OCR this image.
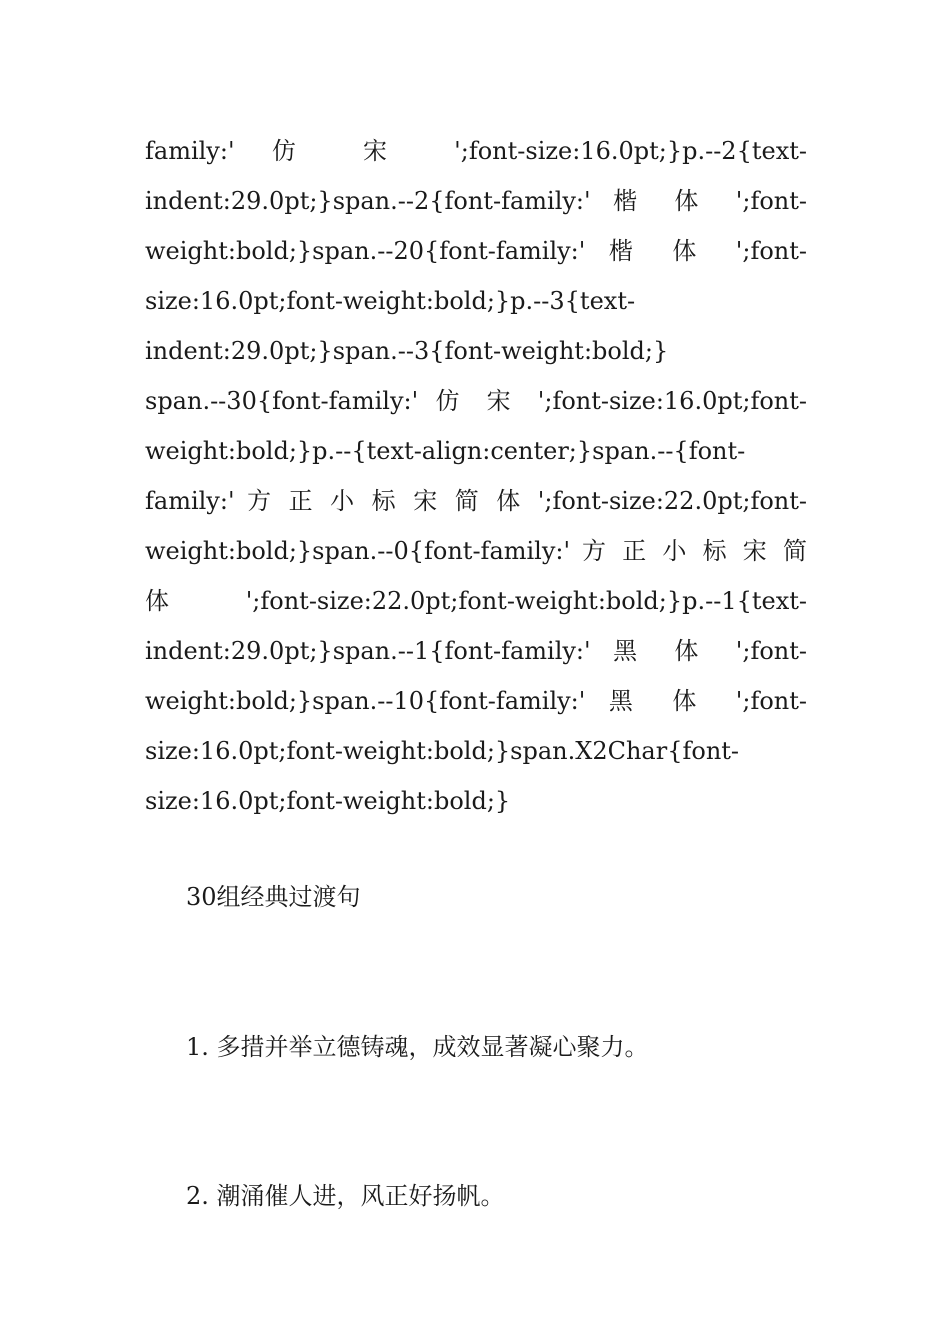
family:' 仿 宋 ';font-size:16.0pt;}p.--2{text-
indent:29.0pt;}span.--2{font-family:' 楷 体 ';font-
weight:bold;}span.--20{font-family:' 楷 体 ';font-
size:16.0pt;font-weight:bold;}p.--3{text-
indent:29.0pt;}span.--3{font-weight:bold;}
span.--30{font-family:' 仿 宋 ';font-size:16.0pt;font-
weight:bold;}p.--{text-align:center;}span.--{font-
family:' 方 正 小 标 宋 简 体 ';font-size:22.0pt;font-
weight:bold;}span.--0{font-family:' 方 正 小 标 宋 简
体 ';font-size:22.0pt;font-weight:bold;}p.--1{text-
indent:29.0pt;}span.--1{font-family:' 黑 体 ';font-
weight:bold;}span.--10{font-family:' 黑 体 ';font-
size:16.0pt;font-weight:bold;}span.X2Char{font-
size:16.0pt;font-weight:bold;}
30组经典过渡句
1. 多措并举立德铸魂，成效显著凝心聚力。
2. 潮涌催人进，风正好扬帆。
